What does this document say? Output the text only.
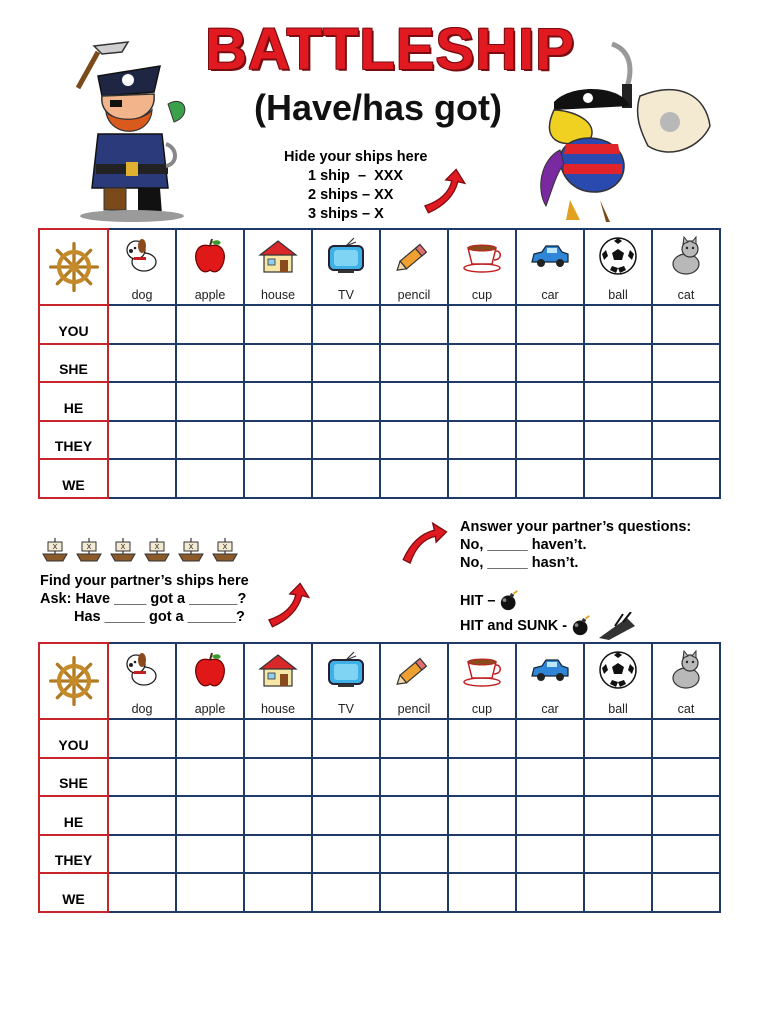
BATTLESHIP
(Have/has got)
Hide your ships here
1 ship  –  XXX
2 ships – XX
3 ships – X

dog	apple	house	TV	pencil	cup	car	ball	cat

YOU									

SHE									

HE									

THEY									

WE									

Find your partner’s ships here
Ask: Have ____ got a ______?
Has _____ got a ______?
Answer your partner’s questions:
No, _____ haven’t.
No, _____ hasn’t.
HIT –
HIT and SUNK -

dog	apple	house	TV	pencil	cup	car	ball	cat

YOU									

SHE									

HE									

THEY									

WE									
